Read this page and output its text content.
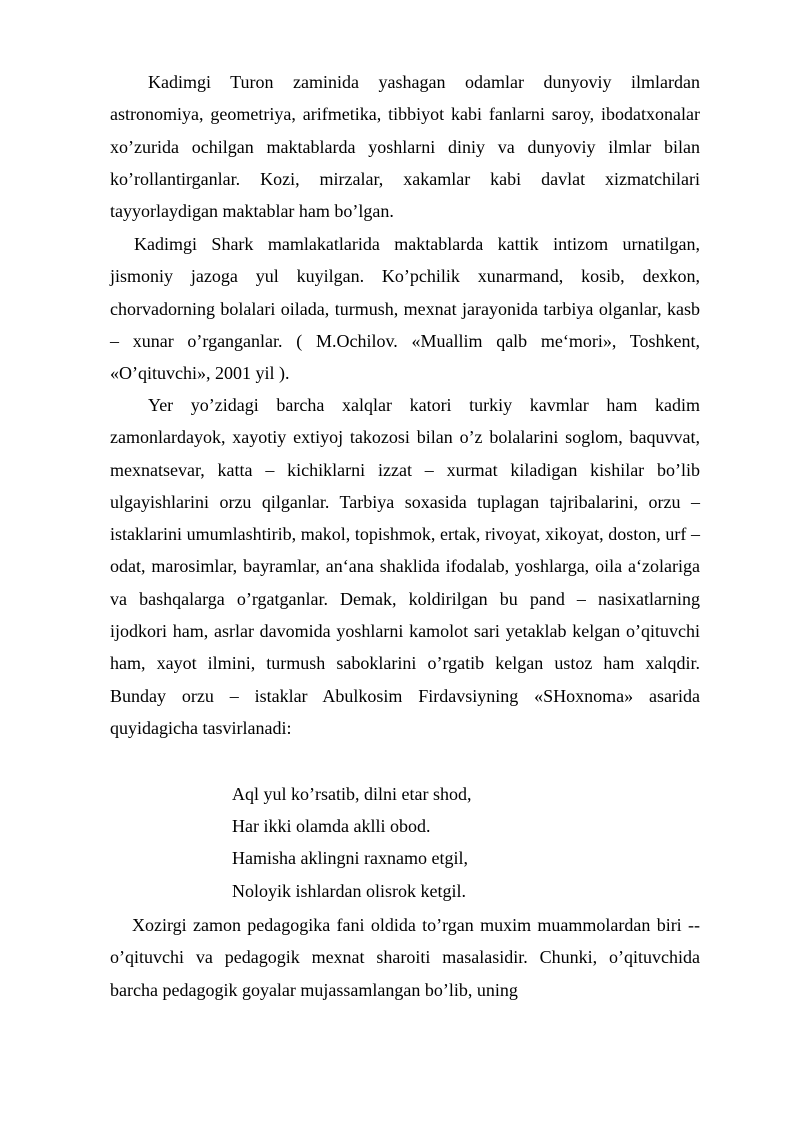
Kadimgi Turon zaminida yashagan odamlar dunyoviy ilmlardan astronomiya, geometriya, arifmetika, tibbiyot kabi fanlarni saroy, ibodatxonalar xo’zurida ochilgan maktablarda yoshlarni diniy va dunyoviy ilmlar bilan ko’rollantirganlar. Kozi, mirzalar, xakamlar kabi davlat xizmatchilari tayyorlaydigan maktablar ham bo’lgan.

Kadimgi Shark mamlakatlarida maktablarda kattik intizom urnatilgan, jismoniy jazoga yul kuyilgan. Ko’pchilik xunarmand, kosib, dexkon, chorvadorning bolalari oilada, turmush, mexnat jarayonida tarbiya olganlar, kasb – xunar o’rganganlar. ( M.Ochilov. «Muallim qalb me‘mori», Toshkent, «O’qituvchi», 2001 yil ).

Yer yo’zidagi barcha xalqlar katori turkiy kavmlar ham kadim zamonlardayok, xayotiy extiyoj takozosi bilan o’z bolalarini soglom, baquvvat, mexnatsevar, katta – kichiklarni izzat – xurmat kiladigan kishilar bo’lib ulgayishlarini orzu qilganlar. Tarbiya soxasida tuplagan tajribalarini, orzu – istaklarini umumlashtirib, makol, topishmok, ertak, rivoyat, xikoyat, doston, urf – odat, marosimlar, bayramlar, an‘ana shaklida ifodalab, yoshlarga, oila a‘zolariga va bashqalarga o’rgatganlar. Demak, koldirilgan bu pand – nasixatlarning ijodkori ham, asrlar davomida yoshlarni kamolot sari yetaklab kelgan o’qituvchi ham, xayot ilmini, turmush saboklarini o’rgatib kelgan ustoz ham xalqdir. Bunday orzu – istaklar Abulkosim Firdavsiyning «SHoxnoma» asarida quyidagicha tasvirlanadi:

Aql yul ko’rsatib, dilni etar shod,
Har ikki olamda aklli obod.
Hamisha aklingni raxnamo etgil,
Noloyik ishlardan olisrok ketgil.

Xozirgi zamon pedagogika fani oldida to’rgan muxim muammolardan biri -- o’qituvchi va pedagogik mexnat sharoiti masalasidir. Chunki, o’qituvchida barcha pedagogik goyalar mujassamlangan bo’lib, uning
